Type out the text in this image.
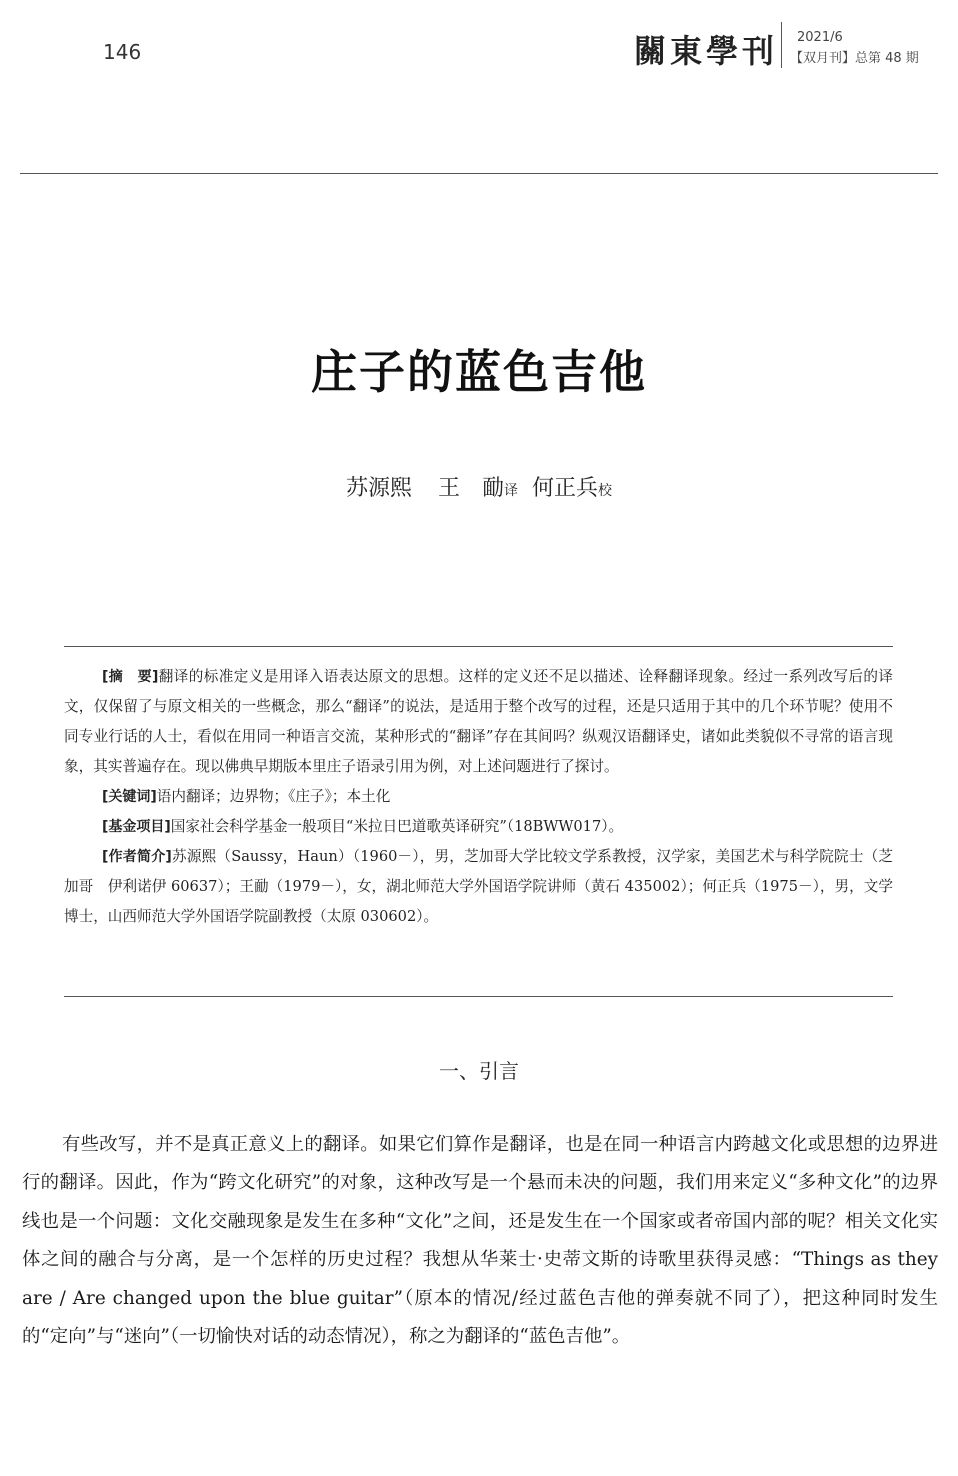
146	關東學刊 2021/6
【双月刊】总第 48 期
庄子的蓝色吉他
苏源熙 王　勔译 何正兵校

[摘　要]翻译的标准定义是用译入语表达原文的思想。这样的定义还不足以描述、诠释翻译现象。经过一系列改写后的译文，仅保留了与原文相关的一些概念，那么“翻译”的说法，是适用于整个改写的过程，还是只适用于其中的几个环节呢？使用不同专业行话的人士，看似在用同一种语言交流，某种形式的“翻译”存在其间吗？纵观汉语翻译史，诸如此类貌似不寻常的语言现象，其实普遍存在。现以佛典早期版本里庄子语录引用为例，对上述问题进行了探讨。

[关键词]语内翻译；边界物；《庄子》；本土化

[基金项目]国家社会科学基金一般项目“米拉日巴道歌英译研究”（18BWW017）。

[作者简介]苏源熙（Saussy，Haun）（1960－），男，芝加哥大学比较文学系教授，汉学家，美国艺术与科学院院士（芝加哥　伊利诺伊 60637）；王勔（1979－），女，湖北师范大学外国语学院讲师（黄石 435002）；何正兵（1975－），男，文学博士，山西师范大学外国语学院副教授（太原 030602）。

一、引言

有些改写，并不是真正意义上的翻译。如果它们算作是翻译，也是在同一种语言内跨越文化或思想的边界进行的翻译。因此，作为“跨文化研究”的对象，这种改写是一个悬而未决的问题，我们用来定义“多种文化”的边界线也是一个问题：文化交融现象是发生在多种“文化”之间，还是发生在一个国家或者帝国内部的呢？相关文化实体之间的融合与分离，是一个怎样的历史过程？我想从华莱士·史蒂文斯的诗歌里获得灵感：“Things as they are / Are changed upon the blue guitar”（原本的情况/经过蓝色吉他的弹奏就不同了），把这种同时发生的“定向”与“迷向”（一切愉快对话的动态情况），称之为翻译的“蓝色吉他”。
